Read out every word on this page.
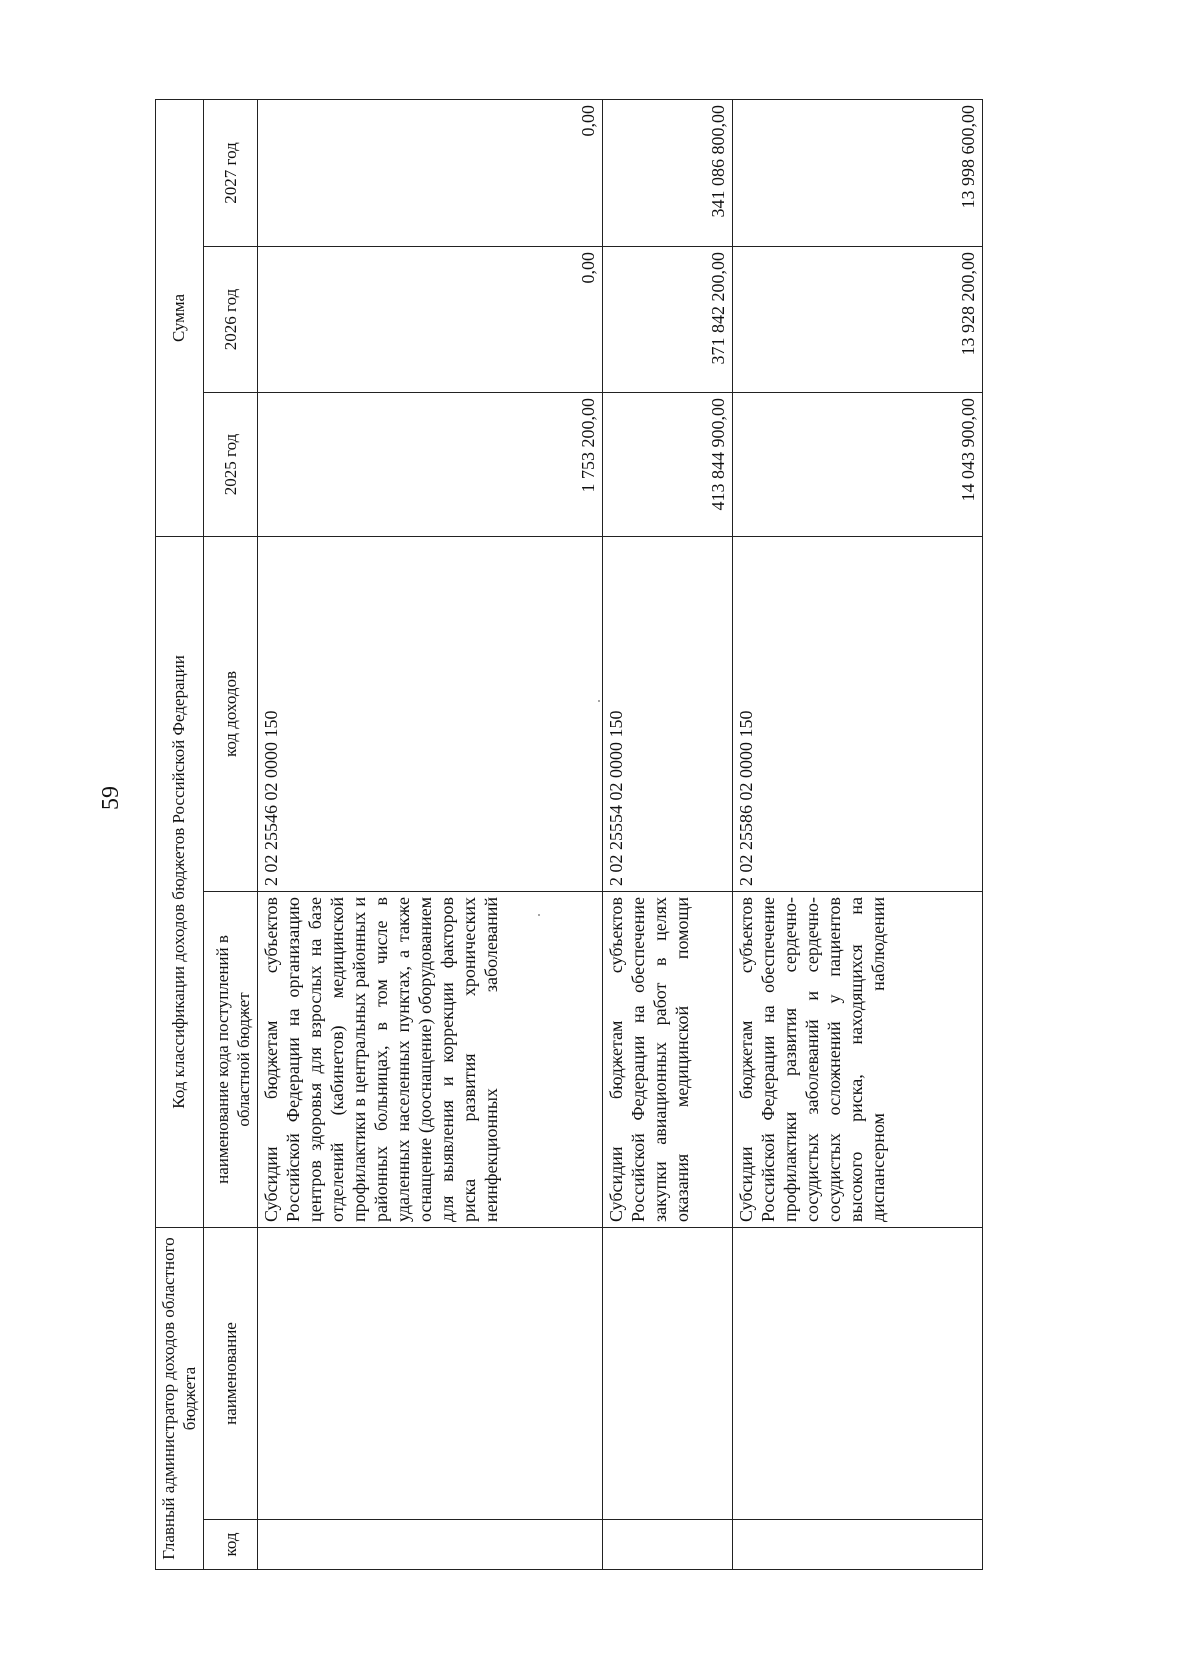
59
Главный администратор доходов областного бюджета		Код классификации доходов бюджетов Российской Федерации		Сумма		
код	наименование	наименование кода поступлений в областной бюджет	код доходов	2025 год	2026 год	2027 год
		Субсидии бюджетам субъектов Российской Федерации на организацию центров здоровья для взрослых на базе отделений (кабинетов) медицинской профилактики в центральных районных и районных больницах, в том числе в удаленных населенных пунктах, а также оснащение (дооснащение) оборудованием для выявления и коррекции факторов риска развития хронических неинфекционных заболеваний	2 02 25546 02 0000 150	1 753 200,00	0,00	0,00
		Субсидии бюджетам субъектов Российской Федерации на обеспечение закупки авиационных работ в целях оказания медицинской помощи	2 02 25554 02 0000 150	413 844 900,00	371 842 200,00	341 086 800,00
		Субсидии бюджетам субъектов Российской Федерации на обеспечение профилактики развития сердечно-сосудистых заболеваний и сердечно-сосудистых осложнений у пациентов высокого риска, находящихся на диспансерном наблюдении	2 02 25586 02 0000 150	14 043 900,00	13 928 200,00	13 998 600,00
